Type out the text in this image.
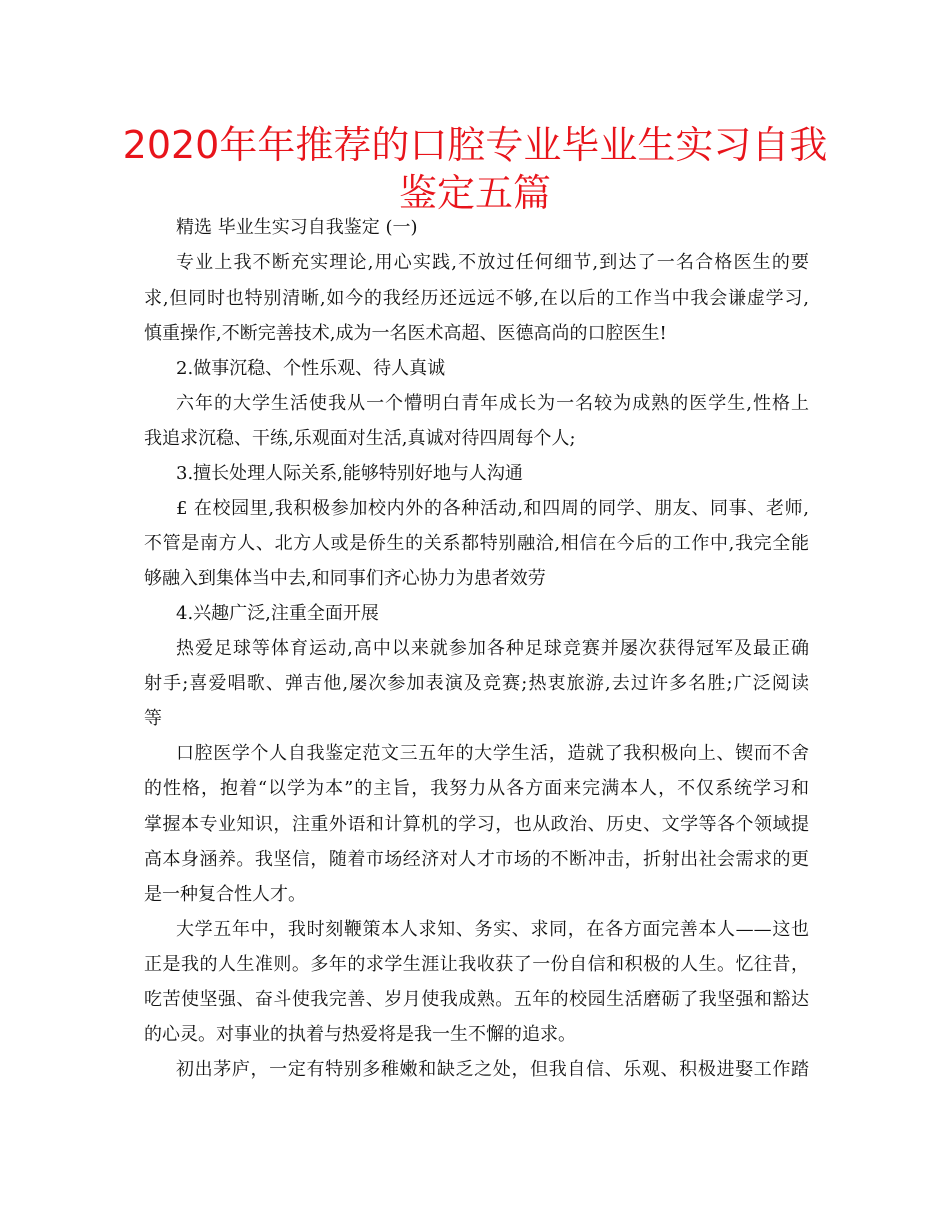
2020年年推荐的口腔专业毕业生实习自我
鉴定五篇

精选 毕业生实习自我鉴定 (一)

专业上我不断充实理论,用心实践,不放过任何细节,到达了一名合格医生的要

求,但同时也特别清晰,如今的我经历还远远不够,在以后的工作当中我会谦虚学习,

慎重操作,不断完善技术,成为一名医术高超、医德高尚的口腔医生!

2.做事沉稳、个性乐观、待人真诚

六年的大学生活使我从一个懵明白青年成长为一名较为成熟的医学生,性格上

我追求沉稳、干练,乐观面对生活,真诚对待四周每个人;

3.擅长处理人际关系,能够特别好地与人沟通

£ 在校园里,我积极参加校内外的各种活动,和四周的同学、朋友、同事、老师,

不管是南方人、北方人或是侨生的关系都特别融洽,相信在今后的工作中,我完全能

够融入到集体当中去,和同事们齐心协力为患者效劳

4.兴趣广泛,注重全面开展

热爱足球等体育运动,高中以来就参加各种足球竞赛并屡次获得冠军及最正确

射手;喜爱唱歌、弹吉他,屡次参加表演及竞赛;热衷旅游,去过许多名胜;广泛阅读

等

口腔医学个人自我鉴定范文三五年的大学生活，造就了我积极向上、锲而不舍

的性格，抱着“以学为本”的主旨，我努力从各方面来完满本人，不仅系统学习和

掌握本专业知识，注重外语和计算机的学习，也从政治、历史、文学等各个领域提

高本身涵养。我坚信，随着市场经济对人才市场的不断冲击，折射出社会需求的更

是一种复合性人才。

大学五年中，我时刻鞭策本人求知、务实、求同，在各方面完善本人——这也

正是我的人生准则。多年的求学生涯让我收获了一份自信和积极的人生。忆往昔，

吃苦使坚强、奋斗使我完善、岁月使我成熟。五年的校园生活磨砺了我坚强和豁达

的心灵。对事业的执着与热爱将是我一生不懈的追求。

初出茅庐，一定有特别多稚嫩和缺乏之处，但我自信、乐观、积极进娶工作踏
